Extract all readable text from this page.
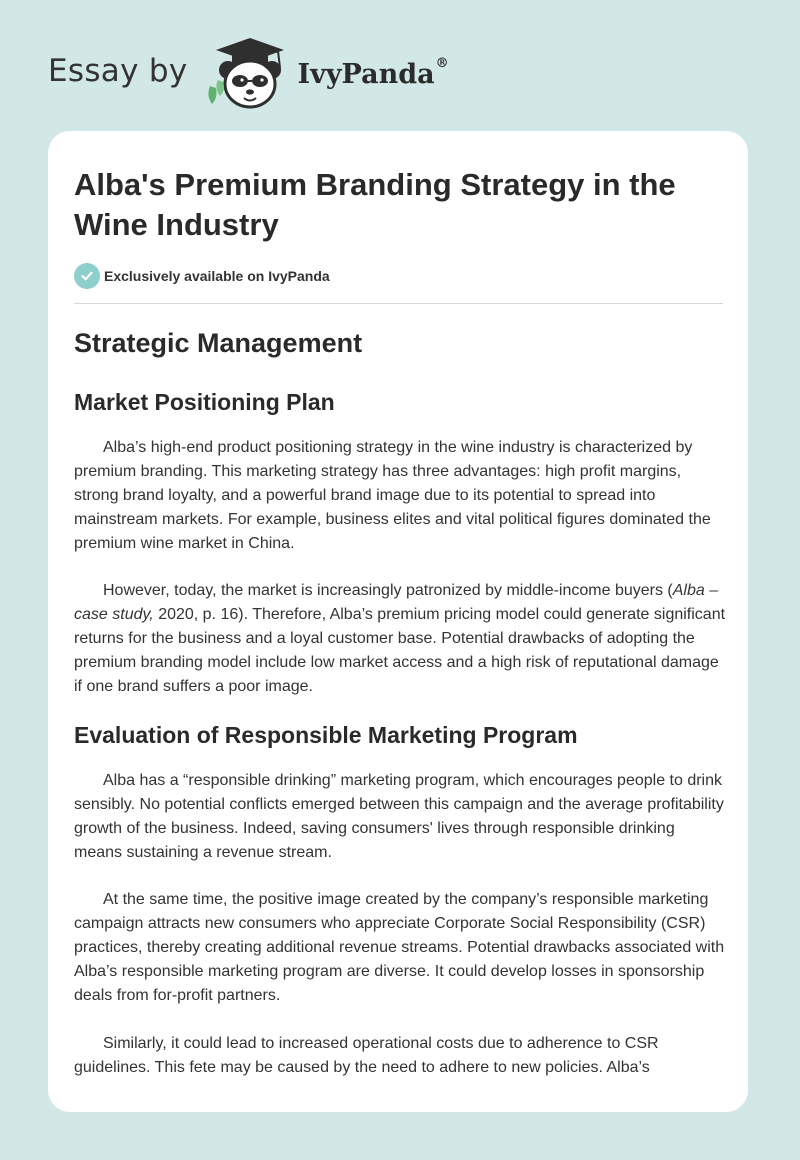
Essay by	IvyPanda®
Alba's Premium Branding Strategy in the Wine Industry
Exclusively available on IvyPanda
Strategic Management
Market Positioning Plan

Alba’s high-end product positioning strategy in the wine industry is characterized by premium branding. This marketing strategy has three advantages: high profit margins, strong brand loyalty, and a powerful brand image due to its potential to spread into mainstream markets. For example, business elites and vital political figures dominated the premium wine market in China.

However, today, the market is increasingly patronized by middle-income buyers (Alba – case study, 2020, p. 16). Therefore, Alba’s premium pricing model could generate significant returns for the business and a loyal customer base. Potential drawbacks of adopting the premium branding model include low market access and a high risk of reputational damage if one brand suffers a poor image.

Evaluation of Responsible Marketing Program

Alba has a “responsible drinking” marketing program, which encourages people to drink sensibly. No potential conflicts emerged between this campaign and the average profitability growth of the business. Indeed, saving consumers' lives through responsible drinking means sustaining a revenue stream.

At the same time, the positive image created by the company’s responsible marketing campaign attracts new consumers who appreciate Corporate Social Responsibility (CSR) practices, thereby creating additional revenue streams. Potential drawbacks associated with Alba’s responsible marketing program are diverse. It could develop losses in sponsorship deals from for-profit partners.

Similarly, it could lead to increased operational costs due to adherence to CSR guidelines. This fete may be caused by the need to adhere to new policies. Alba’s
